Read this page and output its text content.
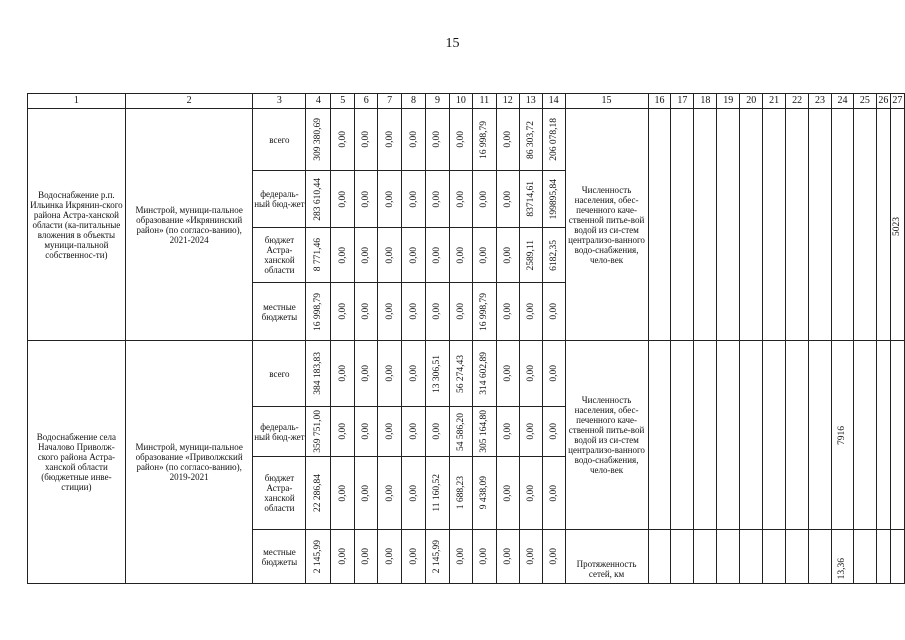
15
1	2	3	4	5	6	7	8	9	10	11	12	13	14	15	16	17	18	19	20	21	22	23	24	25	26	27
Водоснабжение р.п. Ильинка Икрянин-ского района Астра-ханской области (ка-питальные вложения в объекты муници-пальной собственнос-ти)	Минстрой, муници-пальное образование «Икрянинский район» (по согласо-ванию), 2021-2024	всего	309 380,69	0,00	0,00	0,00	0,00	0,00	0,00	16 998,79	0,00	86 303,72	206 078,18	Численность населения, обес-печенного каче-ственной питье-вой водой из си-стем централизо-ванного водо-снабжения, чело-век												5023

		федераль-ный бюд-жет	283 610,44	0,00	0,00	0,00	0,00	0,00	0,00	0,00	0,00	83714,61	199895,84													

		бюджет Астра-ханской области	8 771,46	0,00	0,00	0,00	0,00	0,00	0,00	0,00	0,00	2589,11	6182,35													

		местные бюджеты	16 998,79	0,00	0,00	0,00	0,00	0,00	0,00	16 998,79	0,00	0,00	0,00													

Водоснабжение села Началово Приволж-ского района Астра-ханской области (бюджетные инве-стиции)	Минстрой, муници-пальное образование «Приволжский район» (по согласо-ванию), 2019-2021	всего	384 183,83	0,00	0,00	0,00	0,00	13 306,51	56 274,43	314 602,89	0,00	0,00	0,00	Численность населения, обес-печенного каче-ственной питье-вой водой из си-стем централизо-ванного водо-снабжения, чело-век									7916			

		федераль-ный бюд-жет	359 751,00	0,00	0,00	0,00	0,00	0,00	54 586,20	305 164,80	0,00	0,00	0,00													

		бюджет Астра-ханской области	22 286,84	0,00	0,00	0,00	0,00	11 160,52	1 688,23	9 438,09	0,00	0,00	0,00													

		местные бюджеты	2 145,99	0,00	0,00	0,00	0,00	2 145,99	0,00	0,00	0,00	0,00	0,00	Протяженность сетей, км									13,36			
